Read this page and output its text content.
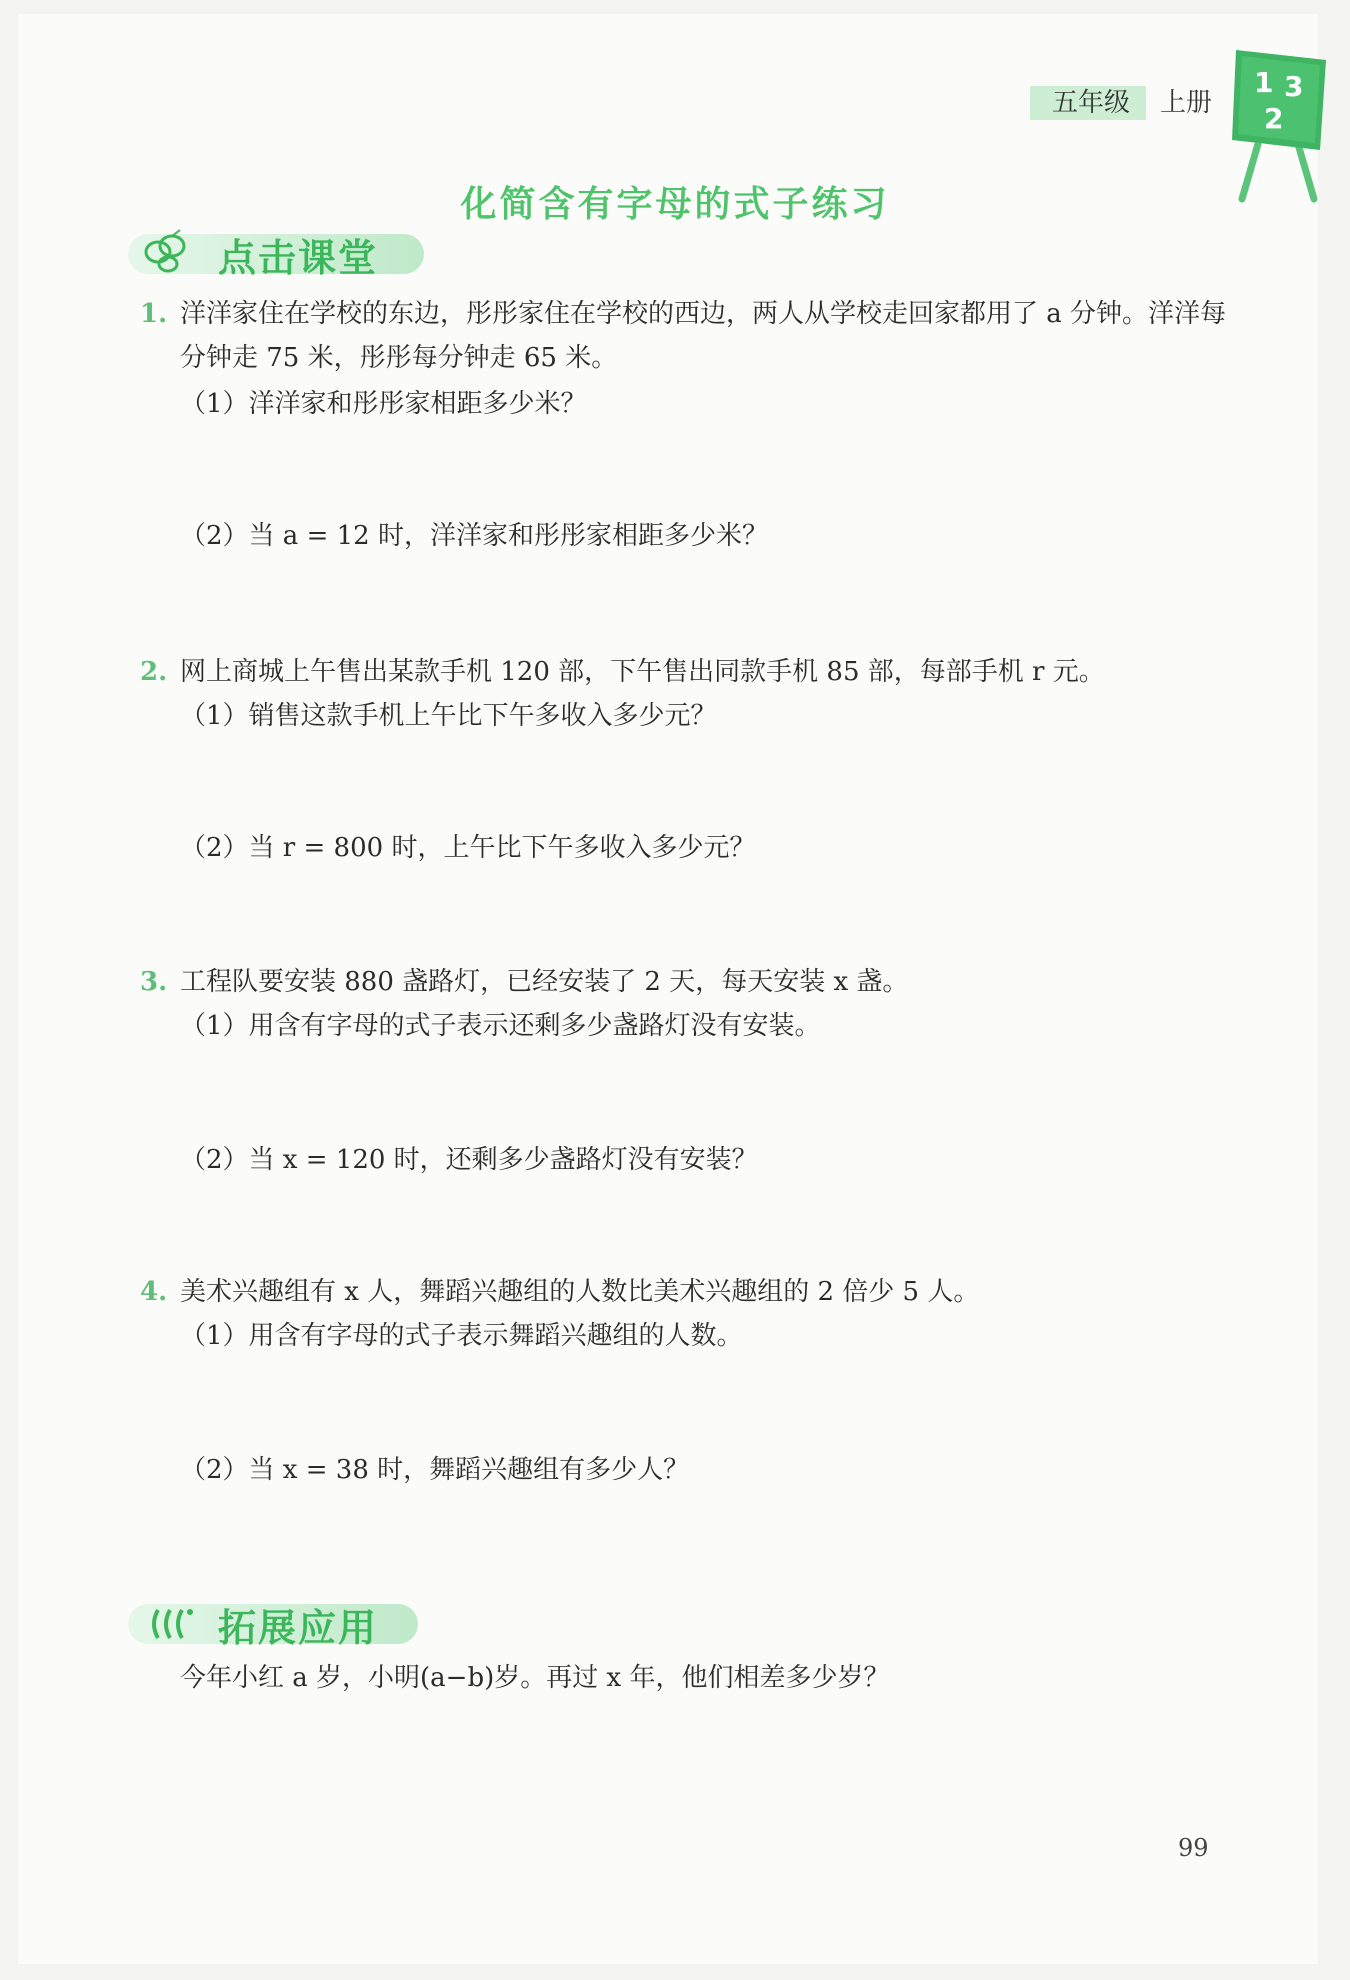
五年级 上册
1 3
2
化简含有字母的式子练习
点击课堂
1. 洋洋家住在学校的东边，彤彤家住在学校的西边，两人从学校走回家都用了 a 分钟。洋洋每分钟走 75 米，彤彤每分钟走 65 米。
（1）洋洋家和彤彤家相距多少米？
（2）当 a = 12 时，洋洋家和彤彤家相距多少米？
2. 网上商城上午售出某款手机 120 部，下午售出同款手机 85 部，每部手机 r 元。
（1）销售这款手机上午比下午多收入多少元？
（2）当 r = 800 时，上午比下午多收入多少元？
3. 工程队要安装 880 盏路灯，已经安装了 2 天，每天安装 x 盏。
（1）用含有字母的式子表示还剩多少盏路灯没有安装。
（2）当 x = 120 时，还剩多少盏路灯没有安装？
4. 美术兴趣组有 x 人，舞蹈兴趣组的人数比美术兴趣组的 2 倍少 5 人。
（1）用含有字母的式子表示舞蹈兴趣组的人数。
（2）当 x = 38 时，舞蹈兴趣组有多少人？
拓展应用
今年小红 a 岁，小明(a−b)岁。再过 x 年，他们相差多少岁？
99
